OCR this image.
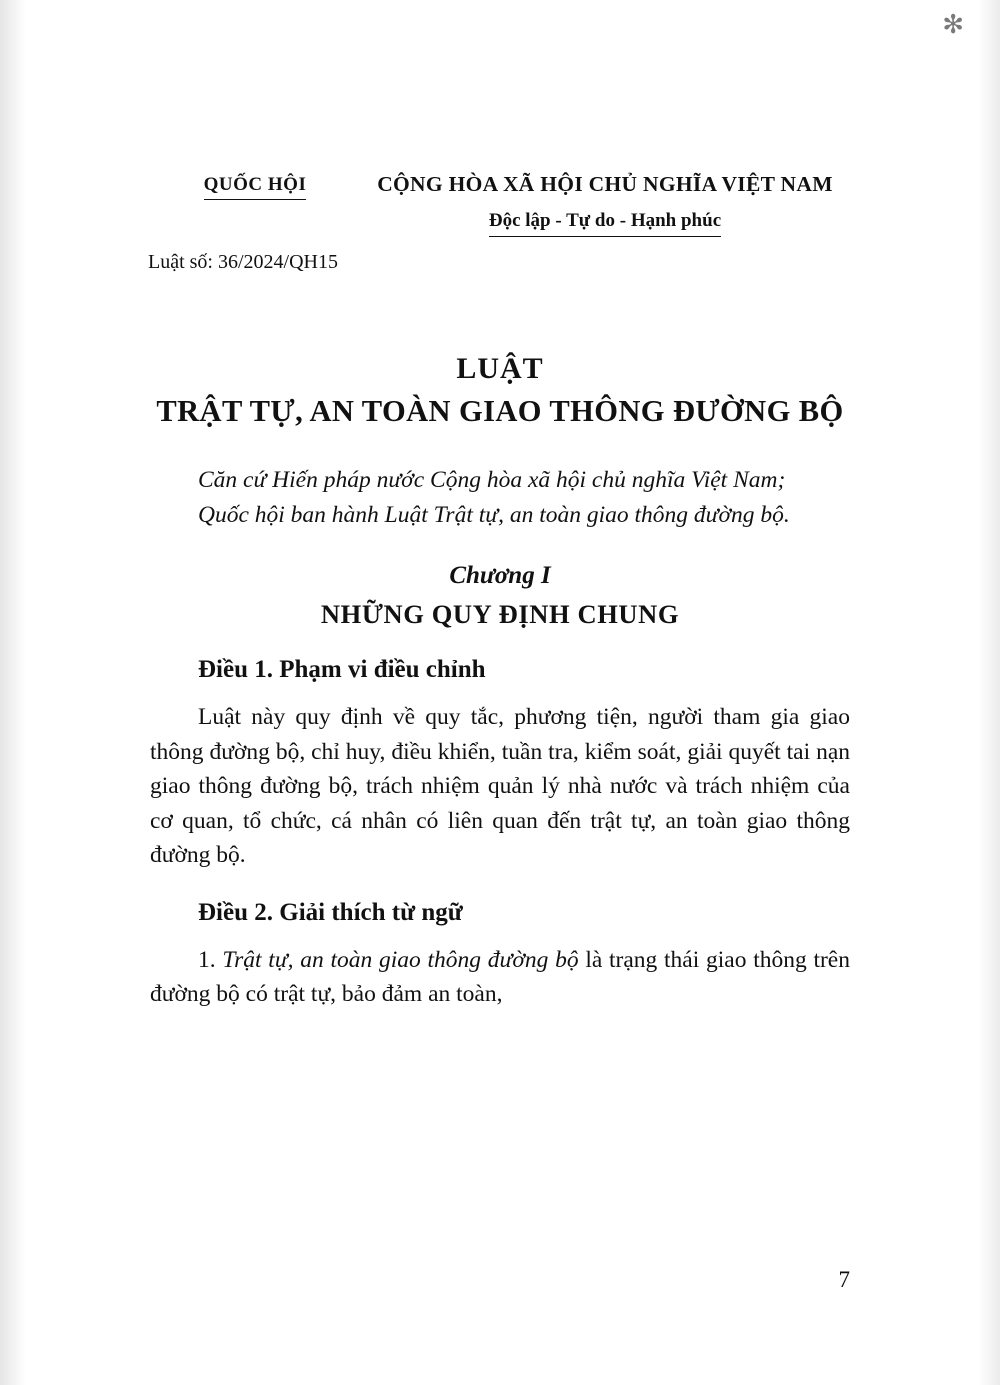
✻
QUỐC HỘI	CỘNG HÒA XÃ HỘI CHỦ NGHĨA VIỆT NAM
Độc lập - Tự do - Hạnh phúc
Luật số: 36/2024/QH15
LUẬT
TRẬT TỰ, AN TOÀN GIAO THÔNG ĐƯỜNG BỘ

Căn cứ Hiến pháp nước Cộng hòa xã hội chủ nghĩa Việt Nam;

Quốc hội ban hành Luật Trật tự, an toàn giao thông đường bộ.

Chương I
NHỮNG QUY ĐỊNH CHUNG
Điều 1. Phạm vi điều chỉnh

Luật này quy định về quy tắc, phương tiện, người tham gia giao thông đường bộ, chỉ huy, điều khiển, tuần tra, kiểm soát, giải quyết tai nạn giao thông đường bộ, trách nhiệm quản lý nhà nước và trách nhiệm của cơ quan, tổ chức, cá nhân có liên quan đến trật tự, an toàn giao thông đường bộ.

Điều 2. Giải thích từ ngữ

1. Trật tự, an toàn giao thông đường bộ là trạng thái giao thông trên đường bộ có trật tự, bảo đảm an toàn,

7
